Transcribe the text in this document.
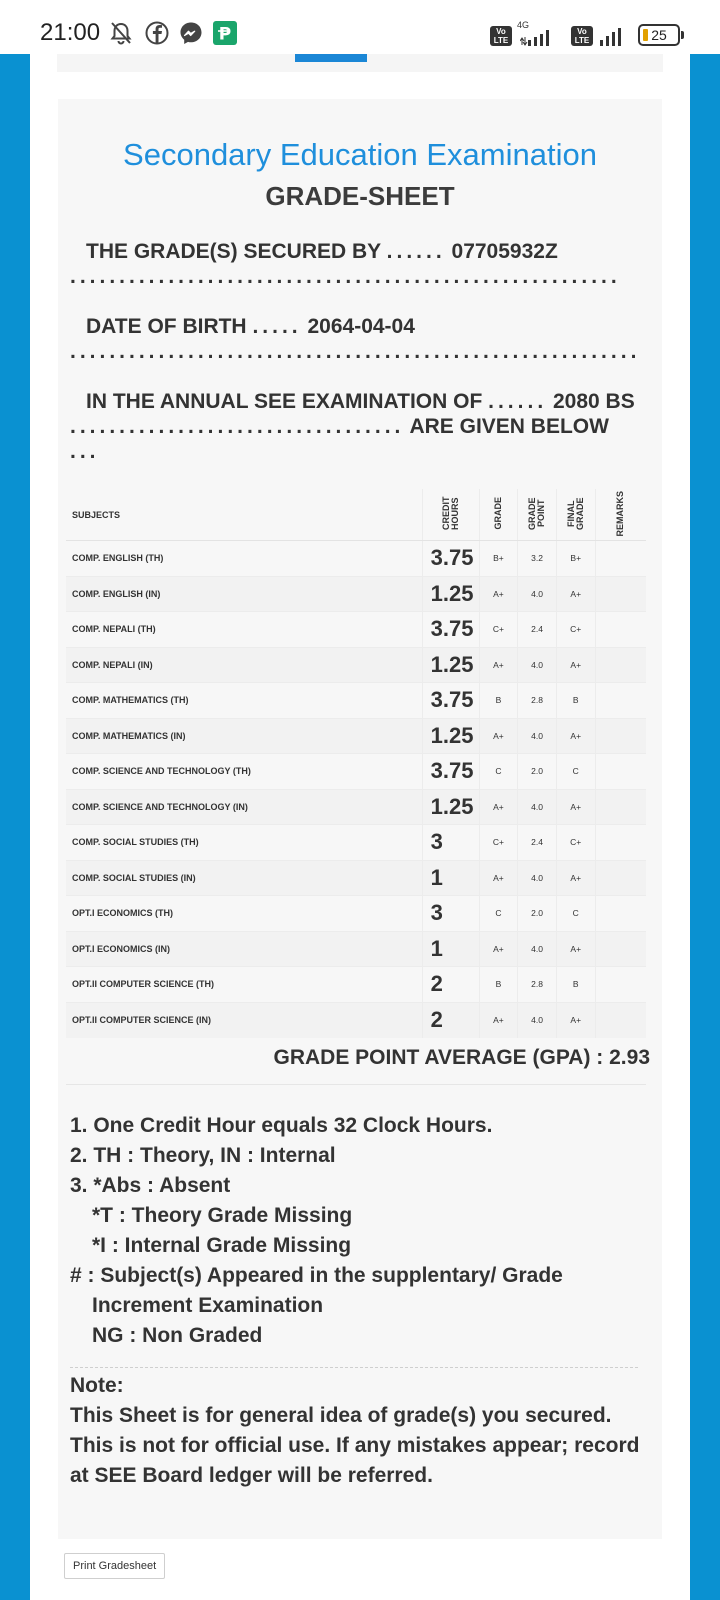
21:00	P	Vo LTE
4G
Vo LTE	25
Secondary Education Examination
GRADE-SHEET
THE GRADE(S) SECURED BY ...... 07705932Z ........................................................
DATE OF BIRTH ..... 2064-04-04 ..........................................................
IN THE ANNUAL SEE EXAMINATION OF ...... 2080 BS .................................. ARE GIVEN BELOW ...
SUBJECTS	CREDIT HOURS	GRADE	GRADE POINT	FINAL GRADE	REMARKS
COMP. ENGLISH (TH)	3.75	B+	3.2	B+	
COMP. ENGLISH (IN)	1.25	A+	4.0	A+	
COMP. NEPALI (TH)	3.75	C+	2.4	C+	
COMP. NEPALI (IN)	1.25	A+	4.0	A+	
COMP. MATHEMATICS (TH)	3.75	B	2.8	B	
COMP. MATHEMATICS (IN)	1.25	A+	4.0	A+	
COMP. SCIENCE AND TECHNOLOGY (TH)	3.75	C	2.0	C	
COMP. SCIENCE AND TECHNOLOGY (IN)	1.25	A+	4.0	A+	
COMP. SOCIAL STUDIES (TH)	3	C+	2.4	C+	
COMP. SOCIAL STUDIES (IN)	1	A+	4.0	A+	
OPT.I ECONOMICS (TH)	3	C	2.0	C	
OPT.I ECONOMICS (IN)	1	A+	4.0	A+	
OPT.II COMPUTER SCIENCE (TH)	2	B	2.8	B	
OPT.II COMPUTER SCIENCE (IN)	2	A+	4.0	A+	
GRADE POINT AVERAGE (GPA) : 2.93
1. One Credit Hour equals 32 Clock Hours.
2. TH : Theory, IN : Internal
3. *Abs : Absent
*T : Theory Grade Missing
*I : Internal Grade Missing
# : Subject(s) Appeared in the supplentary/ Grade Increment Examination
NG : Non Graded
Note:
This Sheet is for general idea of grade(s) you secured. This is not for official use. If any mistakes appear; record at SEE Board ledger will be referred.
Print Gradesheet
